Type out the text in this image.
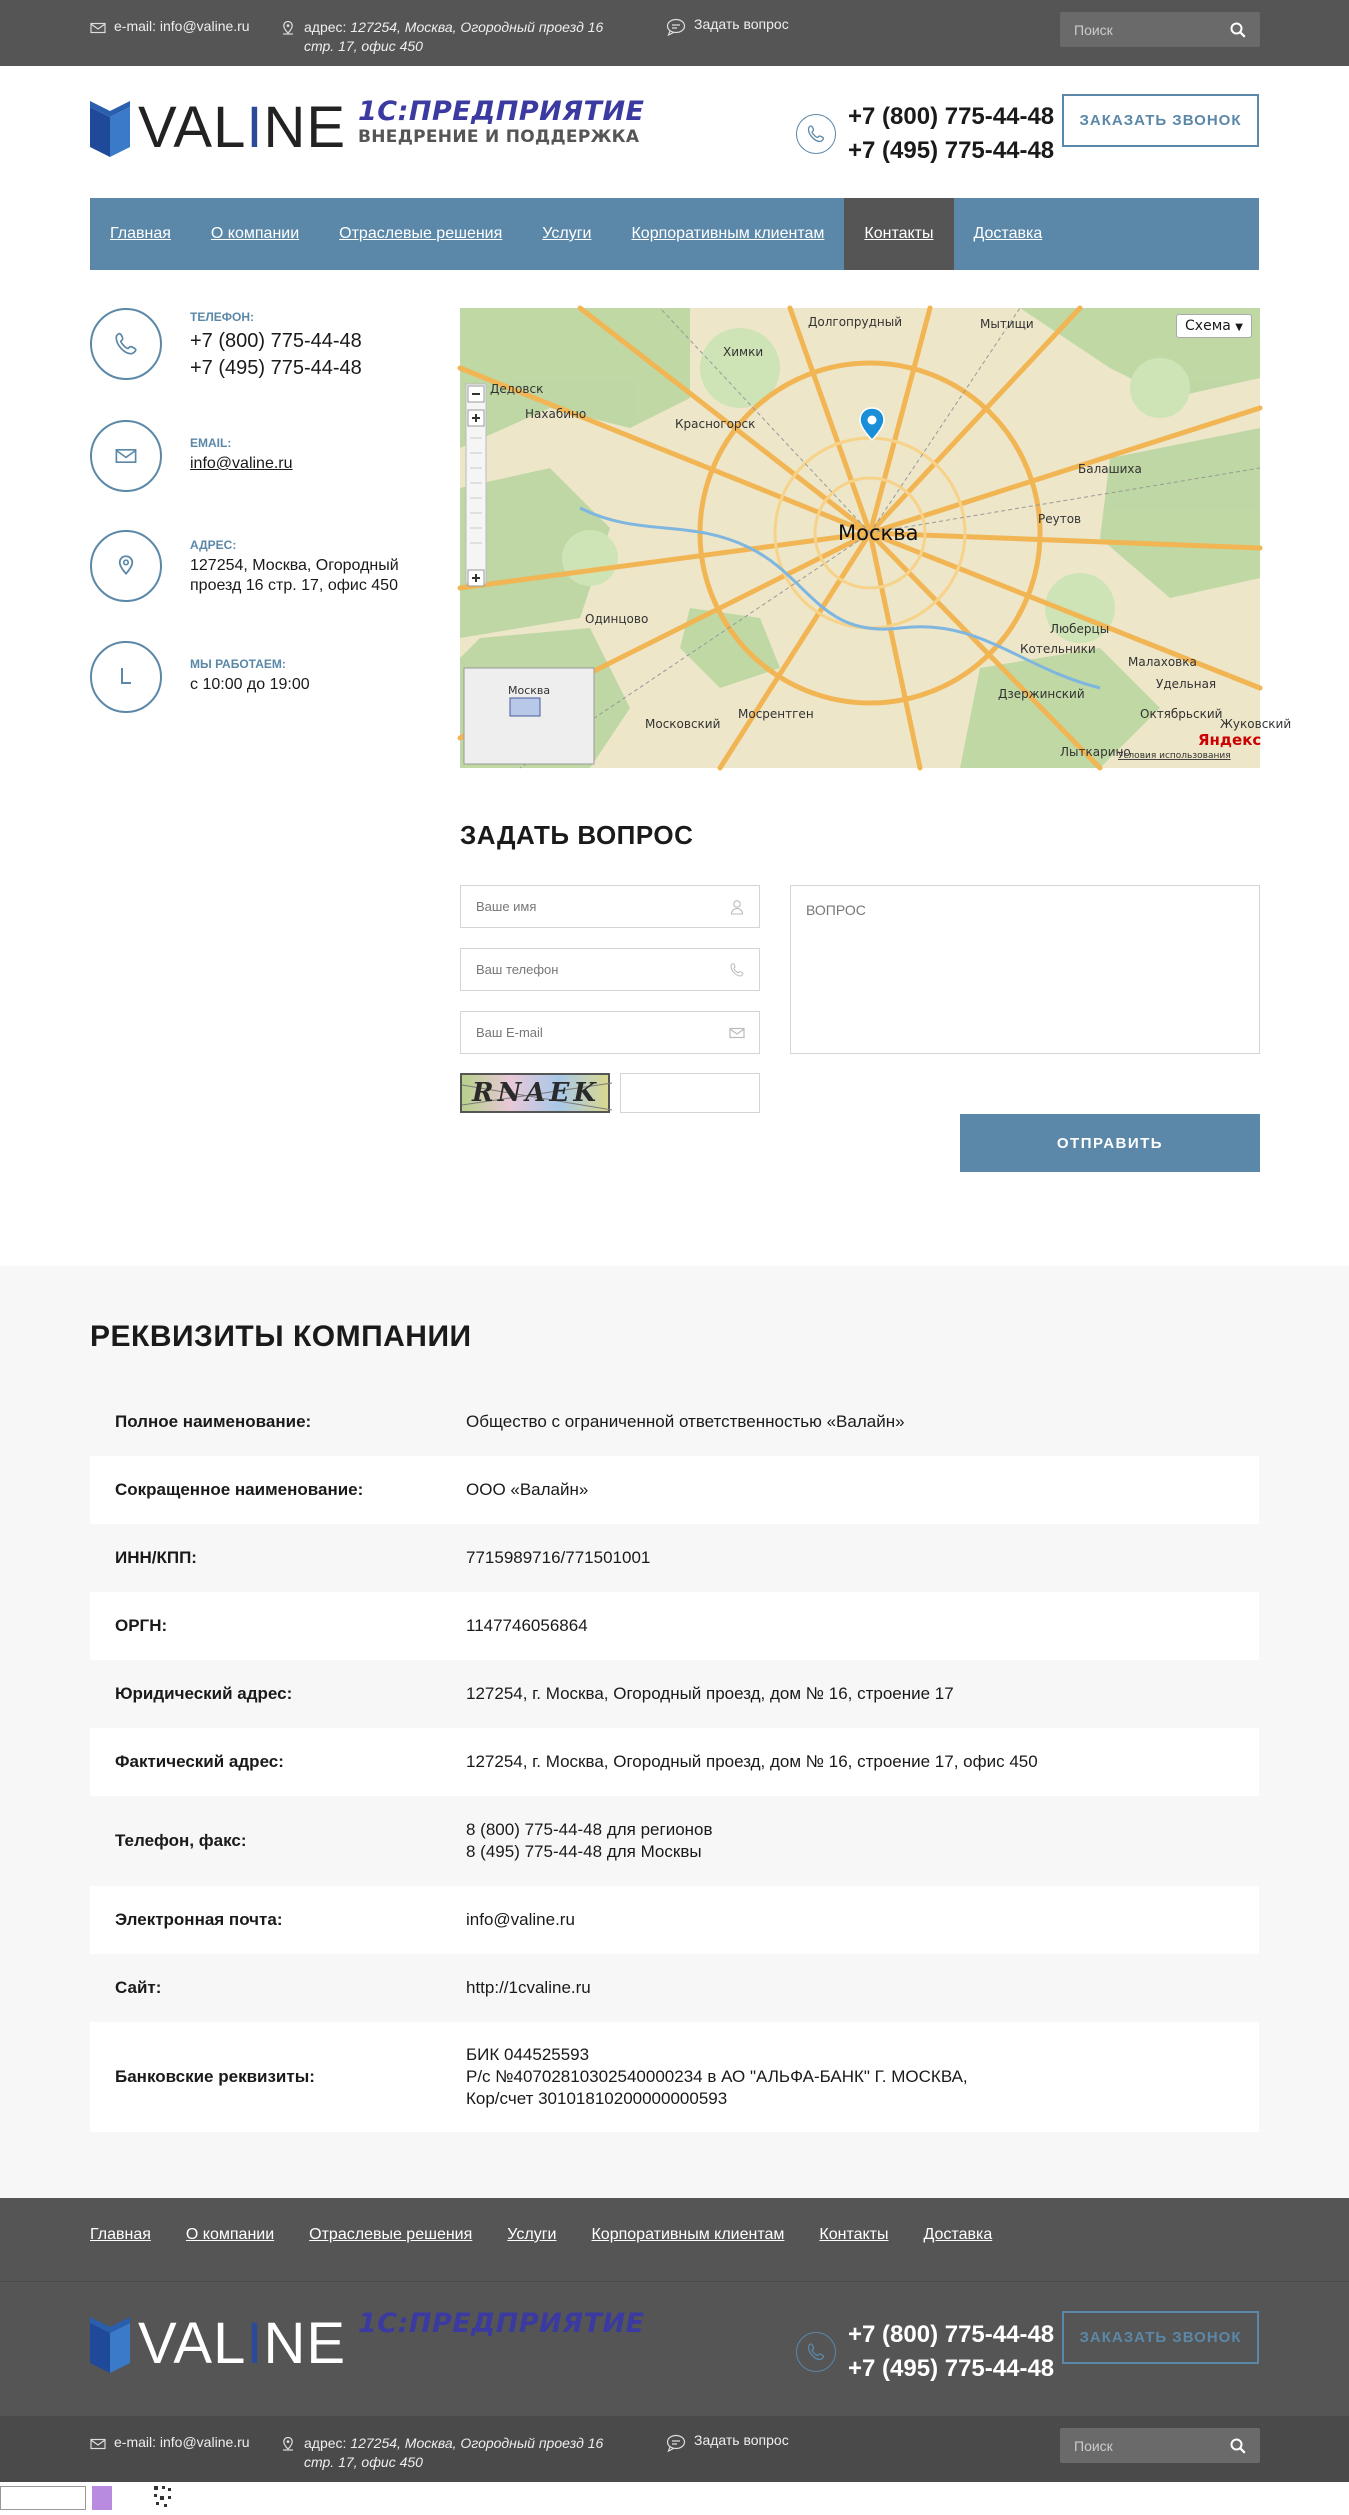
e-mail: info@valine.ru	адрес: 127254, Москва, Огородный проезд 16
стр. 17, офис 450
Задать вопрос
Поиск
VALINE 1С:ПРЕДПРИЯТИЕ
ВНЕДРЕНИЕ И ПОДДЕРЖКА
+7 (800) 775-44-48
+7 (495) 775-44-48
ЗАКАЗАТЬ ЗВОНОК
Главная	О компании	Отраслевые решения	Услуги	Корпоративным клиентам	Контакты	Доставка
ТЕЛЕФОН:
+7 (800) 775-44-48
+7 (495) 775-44-48
EMAIL:
info@valine.ru
АДРЕС:
127254, Москва, Огородный
проезд 16 стр. 17, офис 450
МЫ РАБОТАЕМ:
с 10:00 до 19:00
Химки
Мытищи
Долгопрудный
Красногорск
Нахабино
Дедовск
Балашиха
Реутов
Люберцы
Котельники
Дзержинский
Одинцово
Московский
Мосрентген
Лыткарино
Малаховка
Октябрьский
Удельная
Жуковский
Москва
Москва
Яндекс
Условия использования
Схема ▼
ЗАДАТЬ ВОПРОС
Ваше имя
Ваш телефон
Ваш E-mail
ВОПРОС
RNAEK
ОТПРАВИТЬ
РЕКВИЗИТЫ КОМПАНИИ
Полное наименование:	Общество с ограниченной ответственностью «Валайн»
Сокращенное наименование:	ООО «Валайн»
ИНН/КПП:	7715989716/771501001
ОРГН:	1147746056864
Юридический адрес:	127254, г. Москва, Огородный проезд, дом № 16, строение 17
Фактический адрес:	127254, г. Москва, Огородный проезд, дом № 16, строение 17, офис 450
Телефон, факс:
8 (800) 775-44-48 для регионов
8 (495) 775-44-48 для Москвы
Электронная почта:	info@valine.ru
Сайт:	http://1cvaline.ru
Банковские реквизиты:
БИК 044525593
Р/с №40702810302540000234 в АО "АЛЬФА-БАНК" Г. МОСКВА,
Кор/счет 30101810200000000593
Главная О компании Отраслевые решения Услуги Корпоративным клиентам Контакты Доставка
VALINE 1С:ПРЕДПРИЯТИЕ	+7 (800) 775-44-48
+7 (495) 775-44-48
ЗАКАЗАТЬ ЗВОНОК
e-mail: info@valine.ru	адрес: 127254, Москва, Огородный проезд 16
стр. 17, офис 450
Задать вопрос
Поиск
